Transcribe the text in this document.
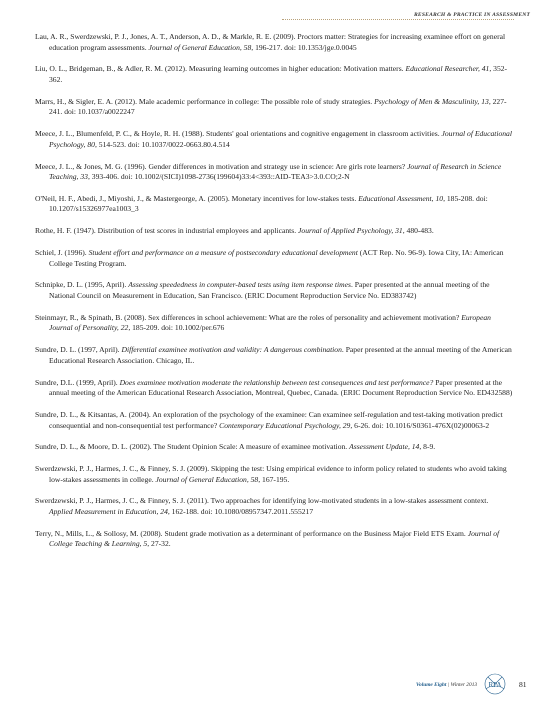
RESEARCH & PRACTICE IN ASSESSMENT

Lau, A. R., Swerdzewski, P. J., Jones, A. T., Anderson, A. D., & Markle, R. E. (2009). Proctors matter: Strategies for increasing examinee effort on general education program assessments. Journal of General Education, 58, 196-217. doi: 10.1353/jge.0.0045

Liu, O. L., Bridgeman, B., & Adler, R. M. (2012). Measuring learning outcomes in higher education: Motivation matters. Educational Researcher, 41, 352-362.

Marrs, H., & Sigler, E. A. (2012). Male academic performance in college: The possible role of study strategies. Psychology of Men & Masculinity, 13, 227-241. doi: 10.1037/a0022247

Meece, J. L., Blumenfeld, P. C., & Hoyle, R. H. (1988). Students' goal orientations and cognitive engagement in classroom activities. Journal of Educational Psychology, 80, 514-523. doi: 10.1037/0022-0663.80.4.514

Meece, J. L., & Jones, M. G. (1996). Gender differences in motivation and strategy use in science: Are girls rote learners? Journal of Research in Science Teaching, 33, 393-406. doi: 10.1002/(SICI)1098-2736(199604)33:4<393::AID-TEA3>3.0.CO;2-N

O'Neil, H. F., Abedi, J., Miyoshi, J., & Mastergeorge, A. (2005). Monetary incentives for low-stakes tests. Educational Assessment, 10, 185-208. doi: 10.1207/s15326977ea1003_3

Rothe, H. F. (1947). Distribution of test scores in industrial employees and applicants. Journal of Applied Psychology, 31, 480-483.

Schiel, J. (1996). Student effort and performance on a measure of postsecondary educational development (ACT Rep. No. 96-9). Iowa City, IA: American College Testing Program.

Schnipke, D. L. (1995, April). Assessing speededness in computer-based tests using item response times. Paper presented at the annual meeting of the National Council on Measurement in Education, San Francisco. (ERIC Document Reproduction Service No. ED383742)

Steinmayr, R., & Spinath, B. (2008). Sex differences in school achievement: What are the roles of personality and achievement motivation? European Journal of Personality, 22, 185-209. doi: 10.1002/per.676

Sundre, D. L. (1997, April). Differential examinee motivation and validity: A dangerous combination. Paper presented at the annual meeting of the American Educational Research Association. Chicago, IL.

Sundre, D.L. (1999, April). Does examinee motivation moderate the relationship between test consequences and test performance? Paper presented at the annual meeting of the American Educational Research Association, Montreal, Quebec, Canada. (ERIC Document Reproduction Service No. ED432588)

Sundre, D. L., & Kitsantas, A. (2004). An exploration of the psychology of the examinee: Can examinee self-regulation and test-taking motivation predict consequential and non-consequential test performance? Contemporary Educational Psychology, 29, 6-26. doi: 10.1016/S0361-476X(02)00063-2

Sundre, D. L., & Moore, D. L. (2002). The Student Opinion Scale: A measure of examinee motivation. Assessment Update, 14, 8-9.

Swerdzewski, P. J., Harmes, J. C., & Finney, S. J. (2009). Skipping the test: Using empirical evidence to inform policy related to students who avoid taking low-stakes assessments in college. Journal of General Education, 58, 167-195.

Swerdzewski, P. J., Harmes, J. C., & Finney, S. J. (2011). Two approaches for identifying low-motivated students in a low-stakes assessment context. Applied Measurement in Education, 24, 162-188. doi: 10.1080/08957347.2011.555217

Terry, N., Mills, L., & Sollosy, M. (2008). Student grade motivation as a determinant of performance on the Business Major Field ETS Exam. Journal of College Teaching & Learning, 5, 27-32.

Volume Eight | Winter 2013 RPA 81
